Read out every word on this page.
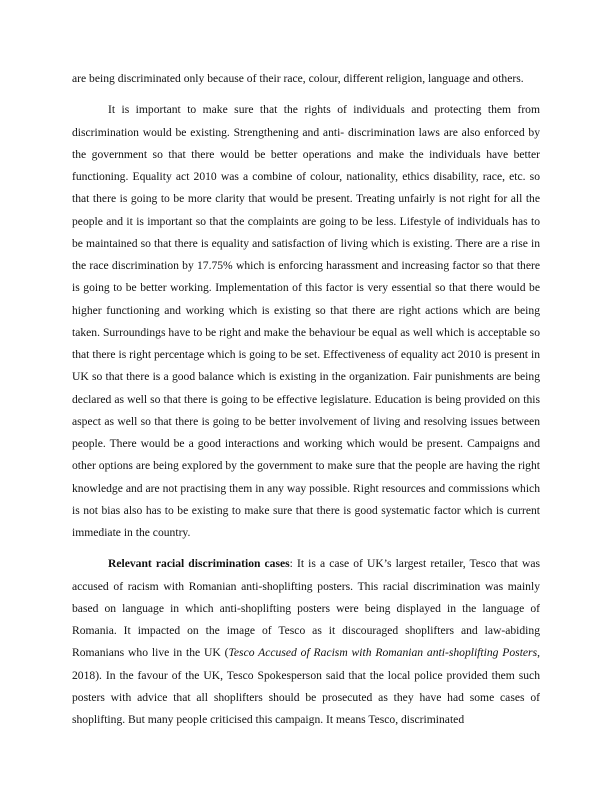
are being discriminated only because of their race, colour, different religion, language and others.

It is important to make sure that the rights of individuals and protecting them from discrimination would be existing. Strengthening and anti- discrimination laws are also enforced by the government so that there would be better operations and make the individuals have better functioning. Equality act 2010 was a combine of colour, nationality, ethics disability, race, etc. so that there is going to be more clarity that would be present. Treating unfairly is not right for all the people and it is important so that the complaints are going to be less. Lifestyle of individuals has to be maintained so that there is equality and satisfaction of living which is existing. There are a rise in the race discrimination by 17.75% which is enforcing harassment and increasing factor so that there is going to be better working. Implementation of this factor is very essential so that there would be higher functioning and working which is existing so that there are right actions which are being taken. Surroundings have to be right and make the behaviour be equal as well which is acceptable so that there is right percentage which is going to be set. Effectiveness of equality act 2010 is present in UK so that there is a good balance which is existing in the organization. Fair punishments are being declared as well so that there is going to be effective legislature. Education is being provided on this aspect as well so that there is going to be better involvement of living and resolving issues between people. There would be a good interactions and working which would be present. Campaigns and other options are being explored by the government to make sure that the people are having the right knowledge and are not practising them in any way possible. Right resources and commissions which is not bias also has to be existing to make sure that there is good systematic factor which is current immediate in the country.

Relevant racial discrimination cases: It is a case of UK’s largest retailer, Tesco that was accused of racism with Romanian anti-shoplifting posters. This racial discrimination was mainly based on language in which anti-shoplifting posters were being displayed in the language of Romania. It impacted on the image of Tesco as it discouraged shoplifters and law-abiding Romanians who live in the UK (Tesco Accused of Racism with Romanian anti-shoplifting Posters, 2018). In the favour of the UK, Tesco Spokesperson said that the local police provided them such posters with advice that all shoplifters should be prosecuted as they have had some cases of shoplifting. But many people criticised this campaign. It means Tesco, discriminated
